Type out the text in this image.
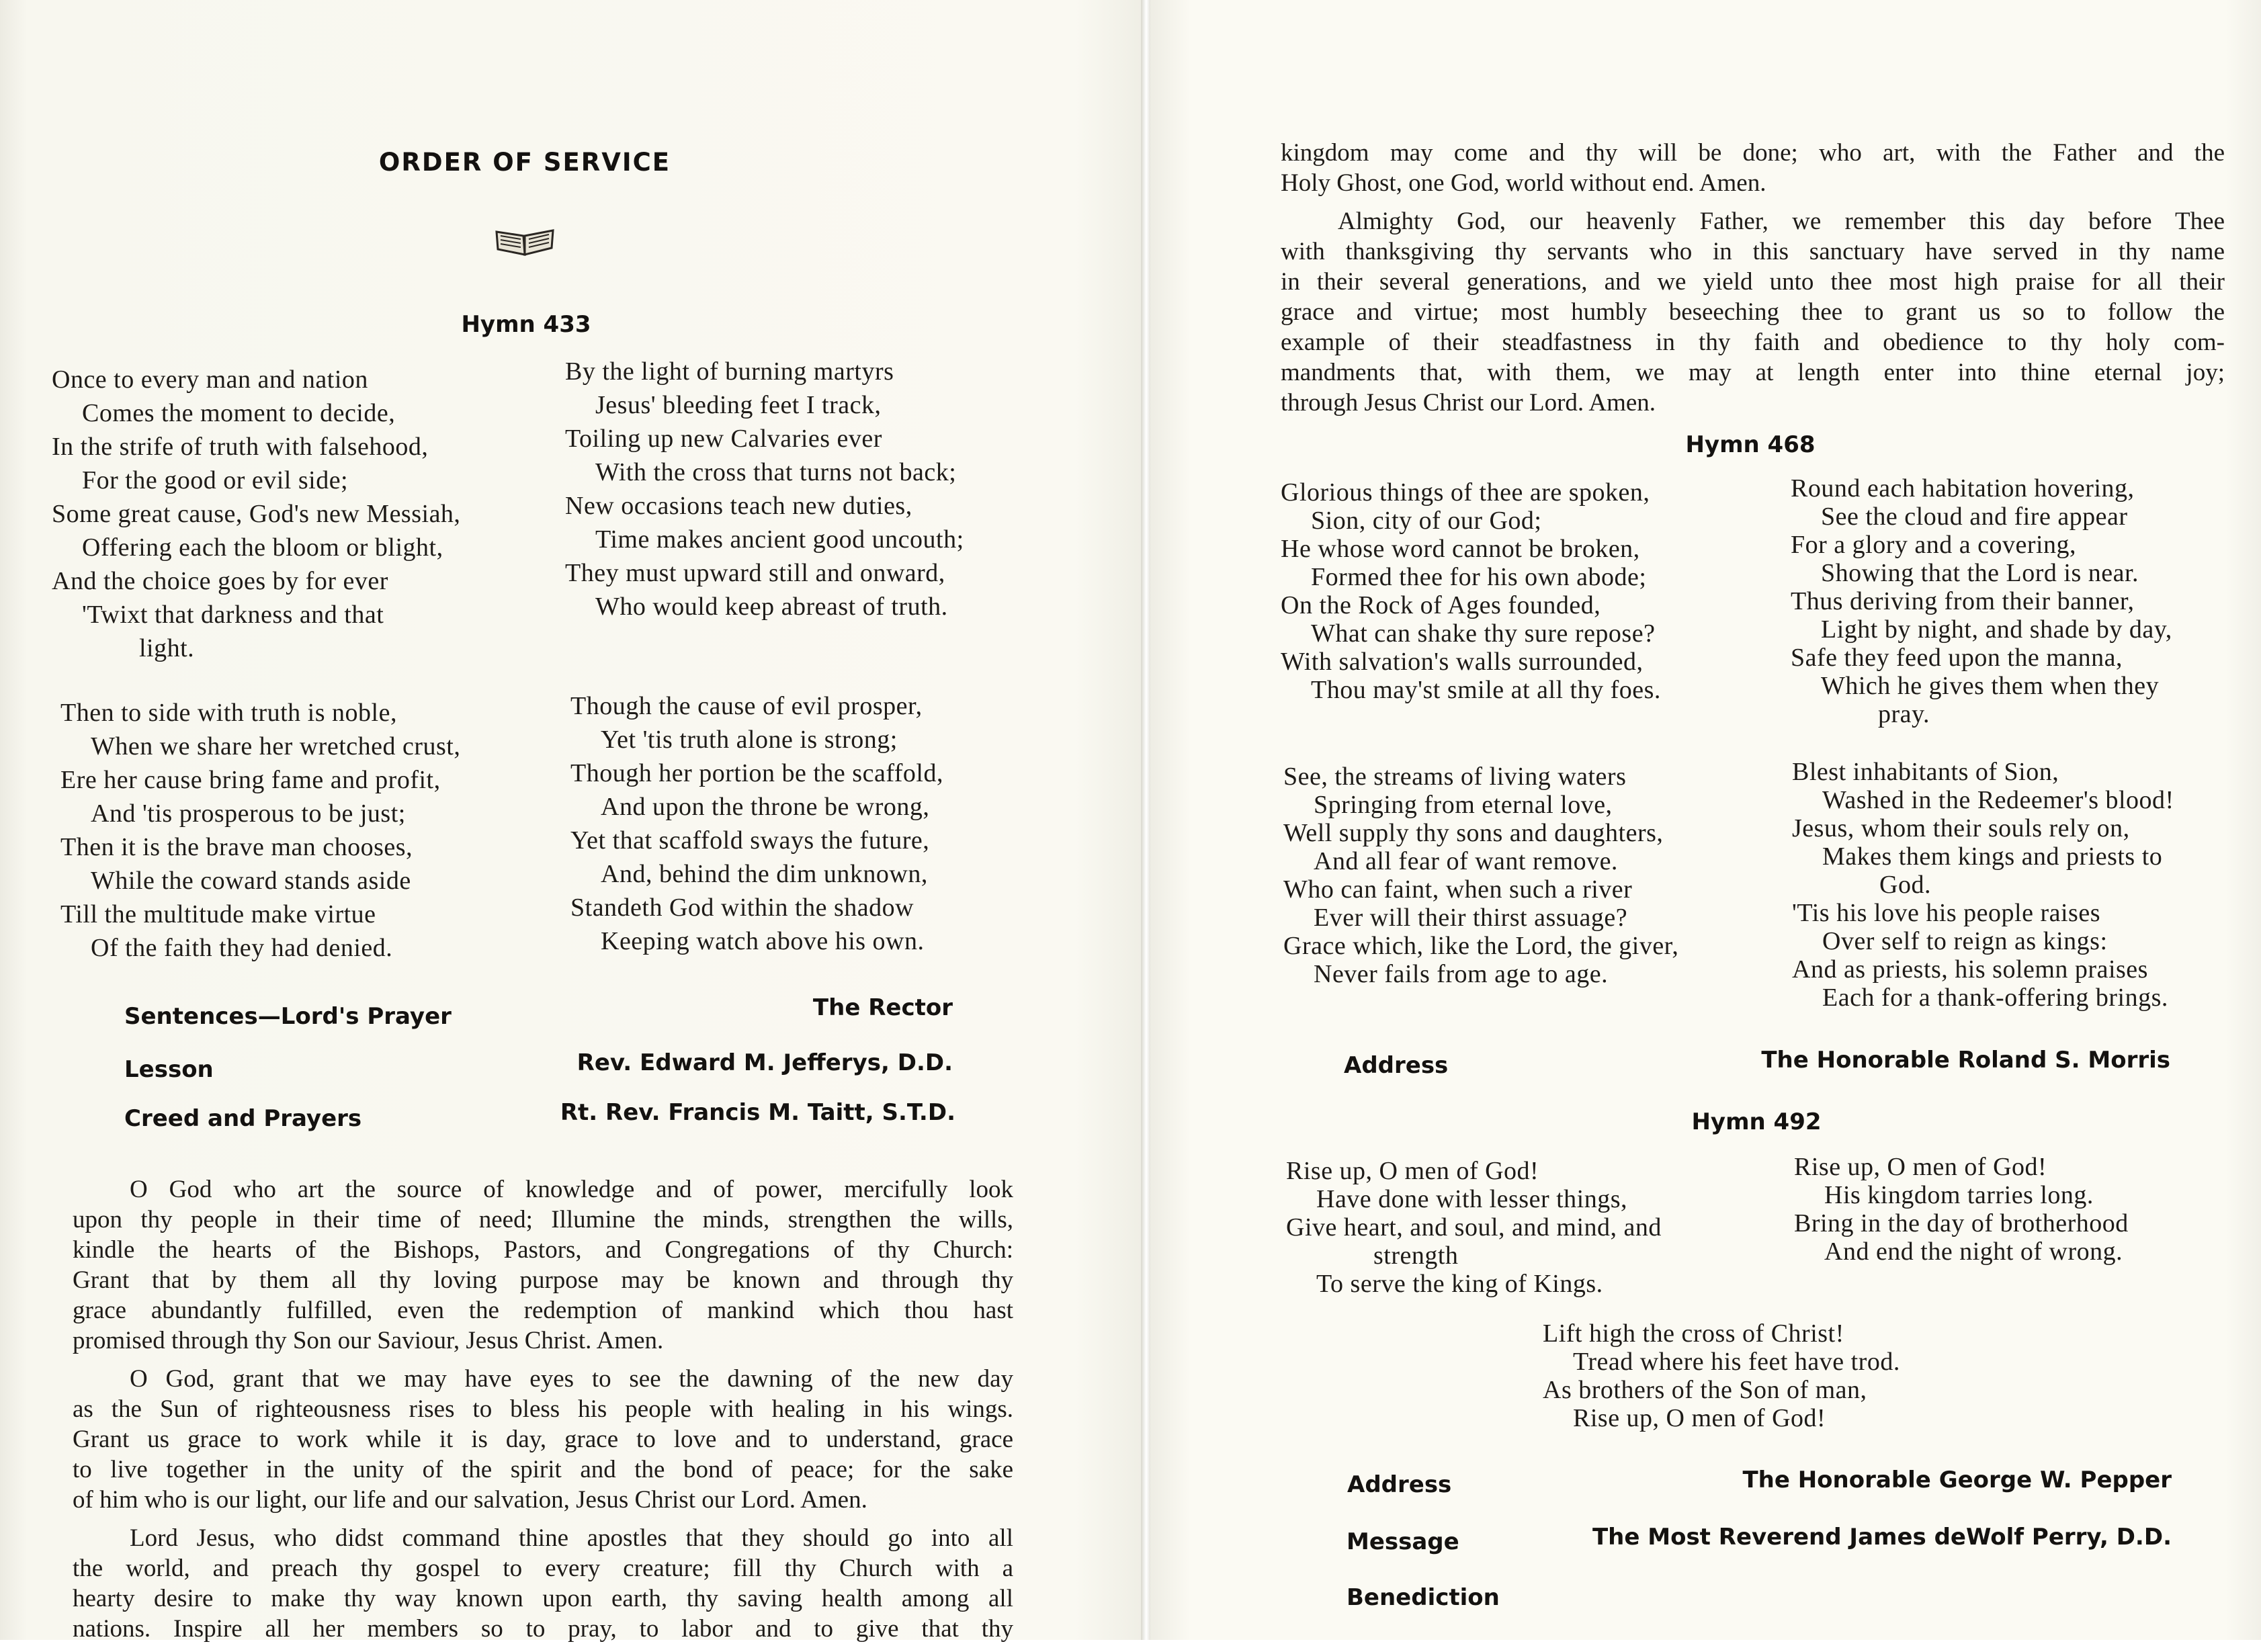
ORDER OF SERVICE
Hymn 433
Once to every man and nation
Comes the moment to decide,
In the strife of truth with falsehood,
For the good or evil side;
Some great cause, God's new Messiah,
Offering each the bloom or blight,
And the choice goes by for ever
'Twixt that darkness and that
light.
By the light of burning martyrs
Jesus' bleeding feet I track,
Toiling up new Calvaries ever
With the cross that turns not back;
New occasions teach new duties,
Time makes ancient good uncouth;
They must upward still and onward,
Who would keep abreast of truth.
Then to side with truth is noble,
When we share her wretched crust,
Ere her cause bring fame and profit,
And 'tis prosperous to be just;
Then it is the brave man chooses,
While the coward stands aside
Till the multitude make virtue
Of the faith they had denied.
Though the cause of evil prosper,
Yet 'tis truth alone is strong;
Though her portion be the scaffold,
And upon the throne be wrong,
Yet that scaffold sways the future,
And, behind the dim unknown,
Standeth God within the shadow
Keeping watch above his own.
Sentences—Lord's Prayer	The Rector
Lesson	Rev. Edward M. Jefferys, D.D.
Creed and Prayers	Rt. Rev. Francis M. Taitt, S.T.D.
O God who art the source of knowledge and of power, mercifully look
upon thy people in their time of need; Illumine the minds, strengthen the wills,
kindle the hearts of the Bishops, Pastors, and Congregations of thy Church:
Grant that by them all thy loving purpose may be known and through thy
grace abundantly fulfilled, even the redemption of mankind which thou hast
promised through thy Son our Saviour, Jesus Christ. Amen.
O God, grant that we may have eyes to see the dawning of the new day
as the Sun of righteousness rises to bless his people with healing in his wings.
Grant us grace to work while it is day, grace to love and to understand, grace
to live together in the unity of the spirit and the bond of peace; for the sake
of him who is our light, our life and our salvation, Jesus Christ our Lord. Amen.
Lord Jesus, who didst command thine apostles that they should go into all
the world, and preach thy gospel to every creature; fill thy Church with a
hearty desire to make thy way known upon earth, thy saving health among all
nations. Inspire all her members so to pray, to labor and to give that thy
kingdom may come and thy will be done; who art, with the Father and the
Holy Ghost, one God, world without end. Amen.
Almighty God, our heavenly Father, we remember this day before Thee
with thanksgiving thy servants who in this sanctuary have served in thy name
in their several generations, and we yield unto thee most high praise for all their
grace and virtue; most humbly beseeching thee to grant us so to follow the
example of their steadfastness in thy faith and obedience to thy holy com-
mandments that, with them, we may at length enter into thine eternal joy;
through Jesus Christ our Lord. Amen.
Hymn 468
Glorious things of thee are spoken,
Sion, city of our God;
He whose word cannot be broken,
Formed thee for his own abode;
On the Rock of Ages founded,
What can shake thy sure repose?
With salvation's walls surrounded,
Thou may'st smile at all thy foes.
Round each habitation hovering,
See the cloud and fire appear
For a glory and a covering,
Showing that the Lord is near.
Thus deriving from their banner,
Light by night, and shade by day,
Safe they feed upon the manna,
Which he gives them when they
pray.
See, the streams of living waters
Springing from eternal love,
Well supply thy sons and daughters,
And all fear of want remove.
Who can faint, when such a river
Ever will their thirst assuage?
Grace which, like the Lord, the giver,
Never fails from age to age.
Blest inhabitants of Sion,
Washed in the Redeemer's blood!
Jesus, whom their souls rely on,
Makes them kings and priests to
God.
'Tis his love his people raises
Over self to reign as kings:
And as priests, his solemn praises
Each for a thank-offering brings.
Address	The Honorable Roland S. Morris
Hymn 492
Rise up, O men of God!
Have done with lesser things,
Give heart, and soul, and mind, and
strength
To serve the king of Kings.
Rise up, O men of God!
His kingdom tarries long.
Bring in the day of brotherhood
And end the night of wrong.
Lift high the cross of Christ!
Tread where his feet have trod.
As brothers of the Son of man,
Rise up, O men of God!
Address	The Honorable George W. Pepper
Message	The Most Reverend James deWolf Perry, D.D.
Benediction
